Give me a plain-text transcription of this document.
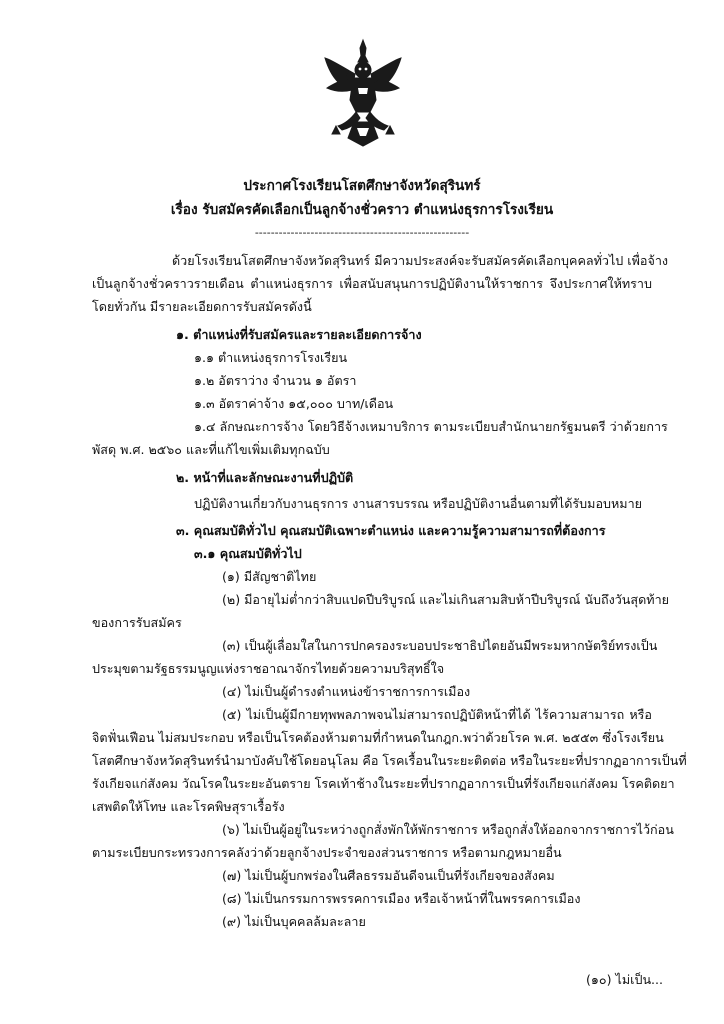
ประกาศโรงเรียนโสตศึกษาจังหวัดสุรินทร์
เรื่อง รับสมัครคัดเลือกเป็นลูกจ้างชั่วคราว ตำแหน่งธุรการโรงเรียน
------------------------------------------------------
ด้วยโรงเรียนโสตศึกษาจังหวัดสุรินทร์ มีความประสงค์จะรับสมัครคัดเลือกบุคคลทั่วไป เพื่อจ้าง
เป็นลูกจ้างชั่วคราวรายเดือน ตำแหน่งธุรการ เพื่อสนับสนุนการปฏิบัติงานให้ราชการ จึงประกาศให้ทราบ
โดยทั่วกัน มีรายละเอียดการรับสมัครดังนี้
๑. ตำแหน่งที่รับสมัครและรายละเอียดการจ้าง
๑.๑ ตำแหน่งธุรการโรงเรียน
๑.๒ อัตราว่าง จำนวน ๑ อัตรา
๑.๓ อัตราค่าจ้าง ๑๕,๐๐๐ บาท/เดือน
๑.๔ ลักษณะการจ้าง โดยวิธีจ้างเหมาบริการ ตามระเบียบสำนักนายกรัฐมนตรี ว่าด้วยการ
พัสดุ พ.ศ. ๒๕๖๐ และที่แก้ไขเพิ่มเติมทุกฉบับ
๒. หน้าที่และลักษณะงานที่ปฏิบัติ
ปฏิบัติงานเกี่ยวกับงานธุรการ งานสารบรรณ หรือปฏิบัติงานอื่นตามที่ได้รับมอบหมาย
๓. คุณสมบัติทั่วไป คุณสมบัติเฉพาะตำแหน่ง และความรู้ความสามารถที่ต้องการ
๓.๑ คุณสมบัติทั่วไป
(๑) มีสัญชาติไทย
(๒) มีอายุไม่ต่ำกว่าสิบแปดปีบริบูรณ์ และไม่เกินสามสิบห้าปีบริบูรณ์ นับถึงวันสุดท้าย
ของการรับสมัคร
(๓) เป็นผู้เลื่อมใสในการปกครองระบอบประชาธิปไตยอันมีพระมหากษัตริย์ทรงเป็น
ประมุขตามรัฐธรรมนูญแห่งราชอาณาจักรไทยด้วยความบริสุทธิ์ใจ
(๔) ไม่เป็นผู้ดำรงตำแหน่งข้าราชการการเมือง
(๕) ไม่เป็นผู้มีกายทุพพลภาพจนไม่สามารถปฏิบัติหน้าที่ได้ ไร้ความสามารถ หรือ
จิตฟั่นเฟือน ไม่สมประกอบ หรือเป็นโรคต้องห้ามตามที่กำหนดในกฎก.พว่าด้วยโรค พ.ศ. ๒๕๕๓ ซึ่งโรงเรียน
โสตศึกษาจังหวัดสุรินทร์นำมาบังคับใช้โดยอนุโลม คือ โรคเรื้อนในระยะติดต่อ หรือในระยะที่ปรากฏอาการเป็นที่
รังเกียจแก่สังคม วัณโรคในระยะอันตราย โรคเท้าช้างในระยะที่ปรากฏอาการเป็นที่รังเกียจแก่สังคม โรคติดยา
เสพติดให้โทษ และโรคพิษสุราเรื้อรัง
(๖) ไม่เป็นผู้อยู่ในระหว่างถูกสั่งพักให้พักราชการ หรือถูกสั่งให้ออกจากราชการไว้ก่อน
ตามระเบียบกระทรวงการคลังว่าด้วยลูกจ้างประจำของส่วนราชการ หรือตามกฎหมายอื่น
(๗) ไม่เป็นผู้บกพร่องในศีลธรรมอันดีจนเป็นที่รังเกียจของสังคม
(๘) ไม่เป็นกรรมการพรรคการเมือง หรือเจ้าหน้าที่ในพรรคการเมือง
(๙) ไม่เป็นบุคคลล้มละลาย
(๑๐) ไม่เป็น...
